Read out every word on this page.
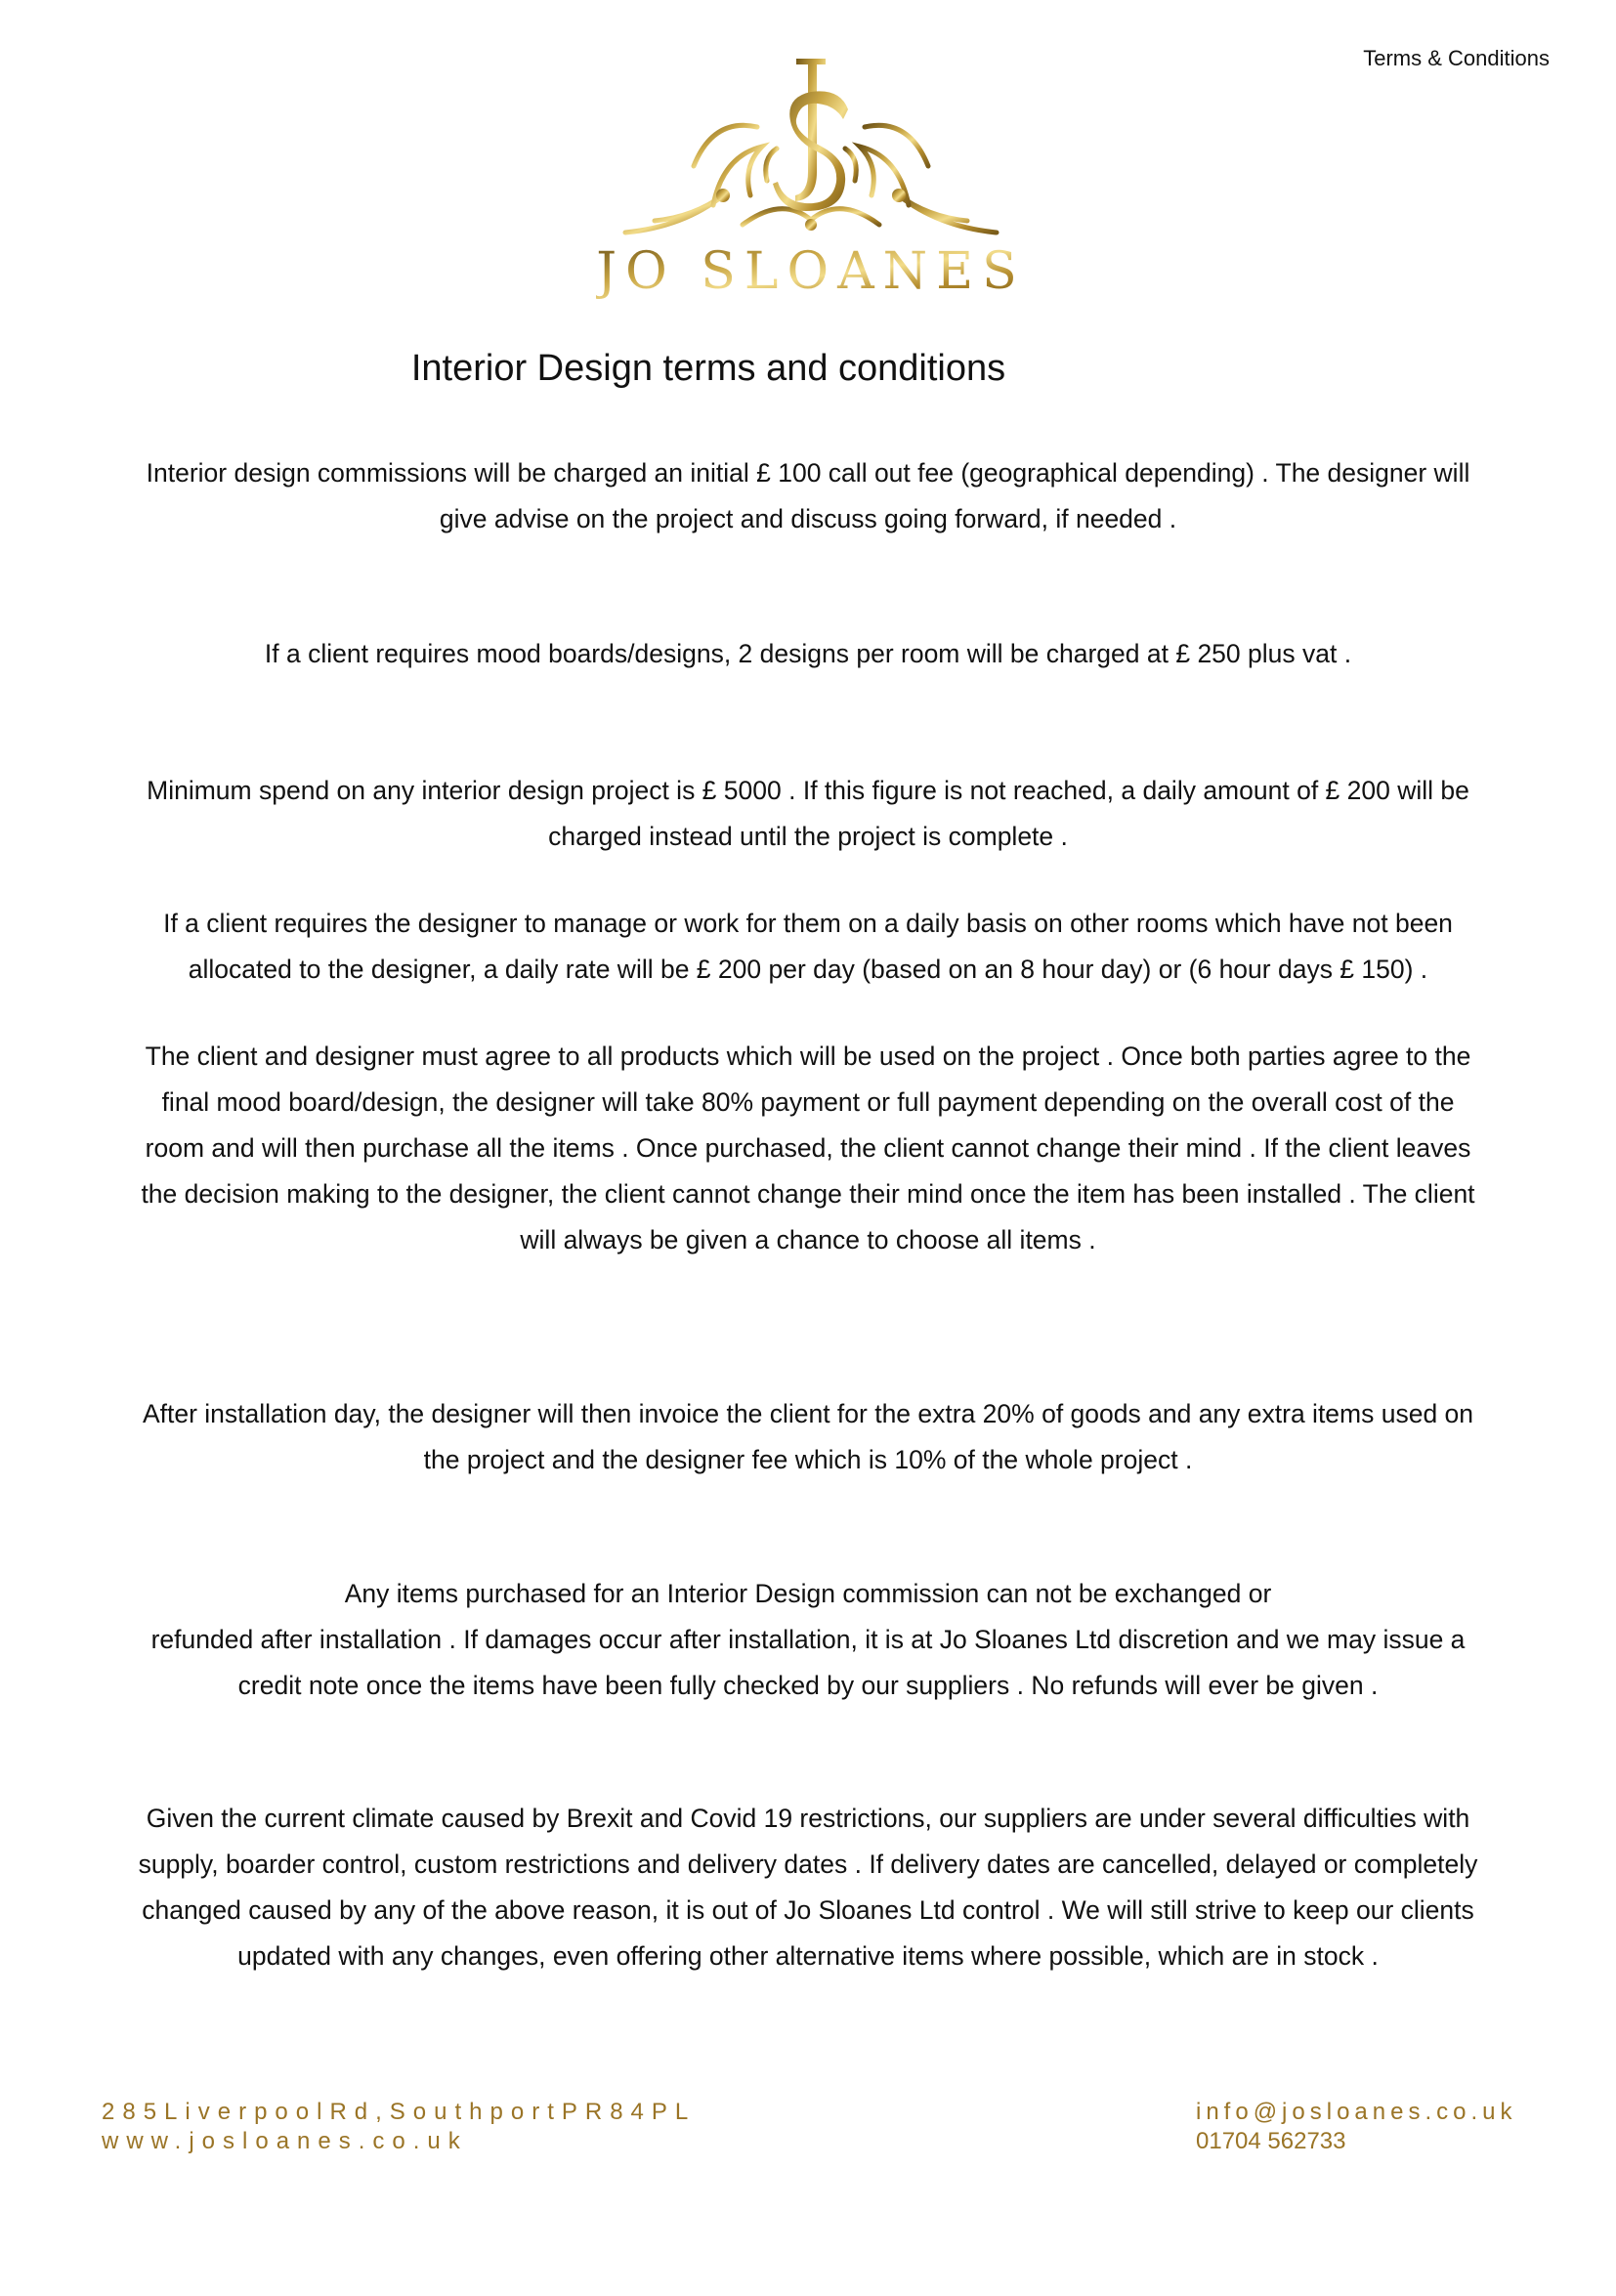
Terms & Conditions
JO SLOANES
Interior Design terms and conditions

Interior design commissions will be charged an initial £ 100 call out fee (geographical depending) . The designer will
give advise on the project and discuss going forward, if needed .

If a client requires mood boards/designs, 2 designs per room will be charged at £ 250 plus vat .

Minimum spend on any interior design project is £ 5000 . If this figure is not reached, a daily amount of £ 200 will be
charged instead until the project is complete .

If a client requires the designer to manage or work for them on a daily basis on other rooms which have not been
allocated to the designer, a daily rate will be £ 200 per day (based on an 8 hour day) or (6 hour days £ 150) .

The client and designer must agree to all products which will be used on the project . Once both parties agree to the
final mood board/design, the designer will take 80% payment or full payment depending on the overall cost of the
room and will then purchase all the items . Once purchased, the client cannot change their mind . If the client leaves
the decision making to the designer, the client cannot change their mind once the item has been installed . The client
will always be given a chance to choose all items .

After installation day, the designer will then invoice the client for the extra 20% of goods and any extra items used on
the project and the designer fee which is 10% of the whole project .

Any items purchased for an Interior Design commission can not be exchanged or
refunded after installation . If damages occur after installation, it is at Jo Sloanes Ltd discretion and we may issue a
credit note once the items have been fully checked by our suppliers . No refunds will ever be given .

Given the current climate caused by Brexit and Covid 19 restrictions, our suppliers are under several difficulties with
supply, boarder control, custom restrictions and delivery dates . If delivery dates are cancelled, delayed or completely
changed caused by any of the above reason, it is out of Jo Sloanes Ltd control . We will still strive to keep our clients
updated with any changes, even offering other alternative items where possible, which are in stock .

285LiverpoolRd,SouthportPR84PL
www.josloanes.co.uk
info@josloanes.co.uk
01704 562733
